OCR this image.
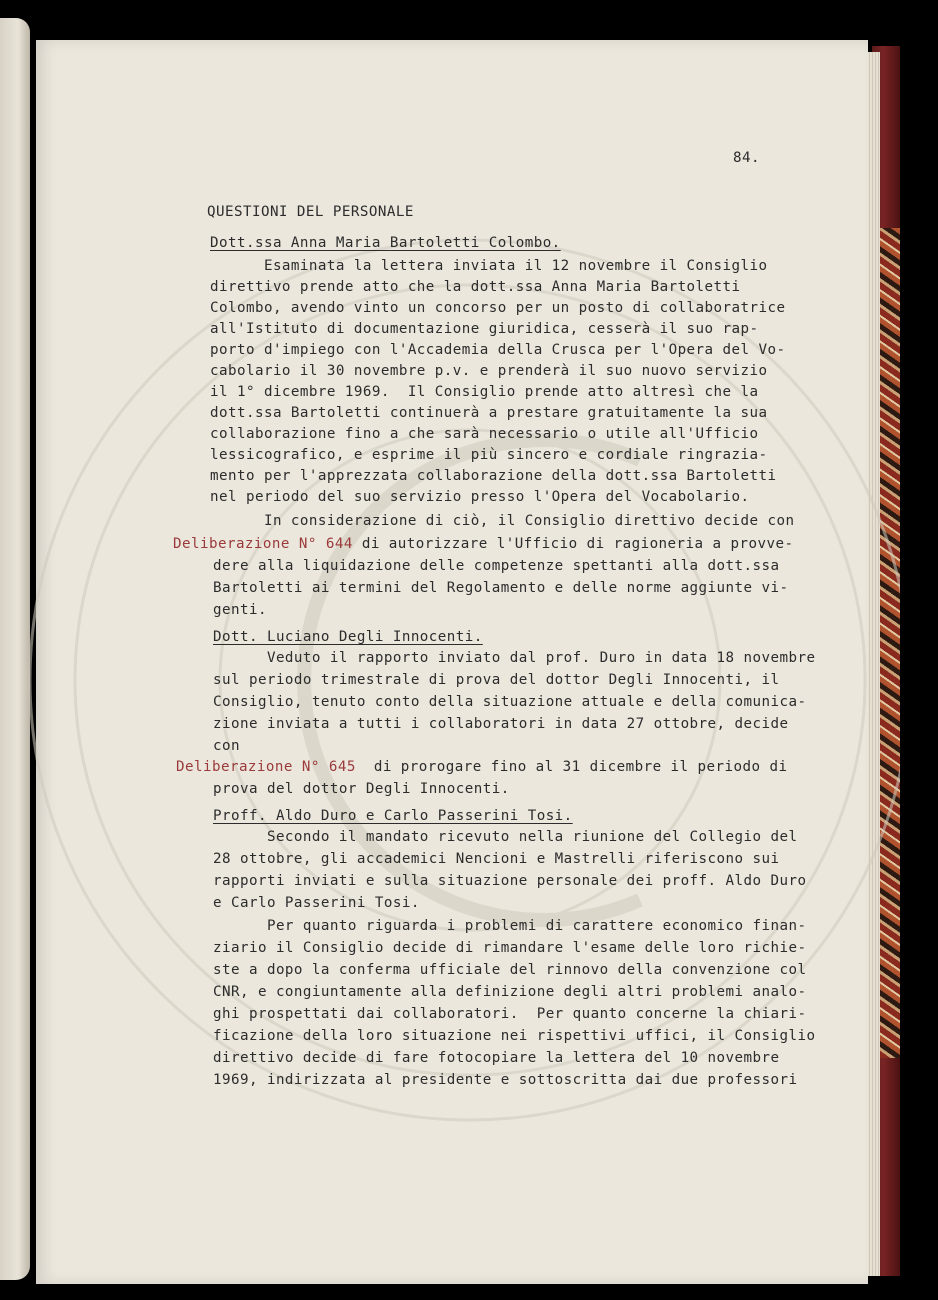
84.
QUESTIONI DEL PERSONALE
Dott.ssa Anna Maria Bartoletti Colombo.
Esaminata la lettera inviata il 12 novembre il Consiglio
direttivo prende atto che la dott.ssa Anna Maria Bartoletti
Colombo, avendo vinto un concorso per un posto di collaboratrice
all'Istituto di documentazione giuridica, cesserà il suo rap-
porto d'impiego con l'Accademia della Crusca per l'Opera del Vo-
cabolario il 30 novembre p.v. e prenderà il suo nuovo servizio
il 1° dicembre 1969.  Il Consiglio prende atto altresì che la
dott.ssa Bartoletti continuerà a prestare gratuitamente la sua
collaborazione fino a che sarà necessario o utile all'Ufficio
lessicografico, e esprime il più sincero e cordiale ringrazia-
mento per l'apprezzata collaborazione della dott.ssa Bartoletti
nel periodo del suo servizio presso l'Opera del Vocabolario.
In considerazione di ciò, il Consiglio direttivo decide con
Deliberazione N° 644 di autorizzare l'Ufficio di ragioneria a provve-
dere alla liquidazione delle competenze spettanti alla dott.ssa
Bartoletti ai termini del Regolamento e delle norme aggiunte vi-
genti.
Dott. Luciano Degli Innocenti.
Veduto il rapporto inviato dal prof. Duro in data 18 novembre
sul periodo trimestrale di prova del dottor Degli Innocenti, il
Consiglio, tenuto conto della situazione attuale e della comunica-
zione inviata a tutti i collaboratori in data 27 ottobre, decide
con
Deliberazione N° 645  di prorogare fino al 31 dicembre il periodo di
prova del dottor Degli Innocenti.
Proff. Aldo Duro e Carlo Passerini Tosi.
Secondo il mandato ricevuto nella riunione del Collegio del
28 ottobre, gli accademici Nencioni e Mastrelli riferiscono sui
rapporti inviati e sulla situazione personale dei proff. Aldo Duro
e Carlo Passerini Tosi.
Per quanto riguarda i problemi di carattere economico finan-
ziario il Consiglio decide di rimandare l'esame delle loro richie-
ste a dopo la conferma ufficiale del rinnovo della convenzione col
CNR, e congiuntamente alla definizione degli altri problemi analo-
ghi prospettati dai collaboratori.  Per quanto concerne la chiari-
ficazione della loro situazione nei rispettivi uffici, il Consiglio
direttivo decide di fare fotocopiare la lettera del 10 novembre
1969, indirizzata al presidente e sottoscritta dai due professori
